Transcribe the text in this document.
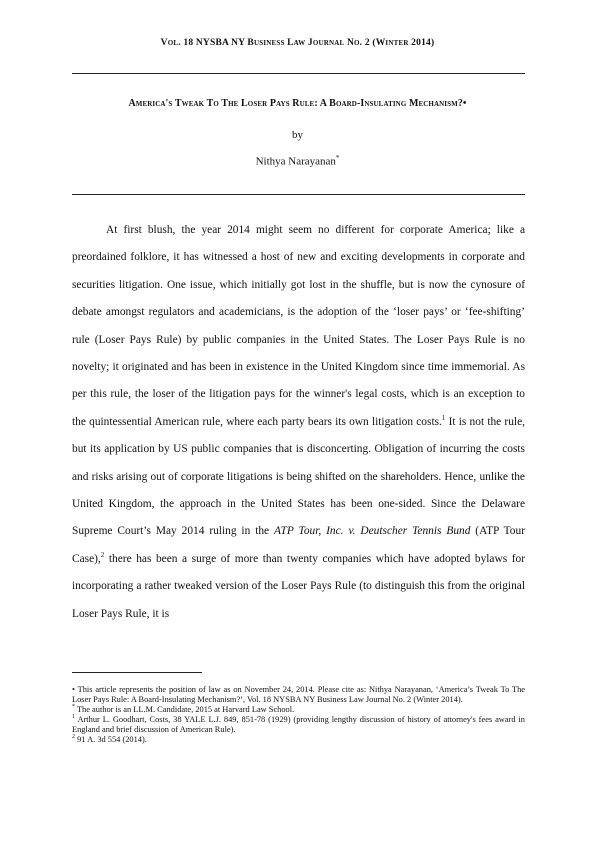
Vol. 18 NYSBA NY Business Law Journal No. 2 (Winter 2014)
America's Tweak To The Loser Pays Rule: A Board-Insulating Mechanism?•
by
Nithya Narayanan*

At first blush, the year 2014 might seem no different for corporate America; like a preordained folklore, it has witnessed a host of new and exciting developments in corporate and securities litigation. One issue, which initially got lost in the shuffle, but is now the cynosure of debate amongst regulators and academicians, is the adoption of the ‘loser pays’ or ‘fee-shifting’ rule (Loser Pays Rule) by public companies in the United States. The Loser Pays Rule is no novelty; it originated and has been in existence in the United Kingdom since time immemorial. As per this rule, the loser of the litigation pays for the winner's legal costs, which is an exception to the quintessential American rule, where each party bears its own litigation costs.$^1$ It is not the rule, but its application by US public companies that is disconcerting. Obligation of incurring the costs and risks arising out of corporate litigations is being shifted on the shareholders. Hence, unlike the United Kingdom, the approach in the United States has been one-sided. Since the Delaware Supreme Court’s May 2014 ruling in the ATP Tour, Inc. v. Deutscher Tennis Bund (ATP Tour Case),$^2$ there has been a surge of more than twenty companies which have adopted bylaws for incorporating a rather tweaked version of the Loser Pays Rule (to distinguish this from the original Loser Pays Rule, it is

• This article represents the position of law as on November 24, 2014. Please cite as: Nithya Narayanan, ‘America’s Tweak To The Loser Pays Rule: A Board-Insulating Mechanism?’, Vol. 18 NYSBA NY Business Law Journal No. 2 (Winter 2014).
* The author is an LL.M. Candidate, 2015 at Harvard Law School.
$^1$ Arthur L. Goodhart, Costs, 38 YALE L.J. 849, 851-78 (1929) (providing lengthy discussion of history of attorney's fees award in England and brief discussion of American Rule).
$^2$ 91 A. 3d 554 (2014).
